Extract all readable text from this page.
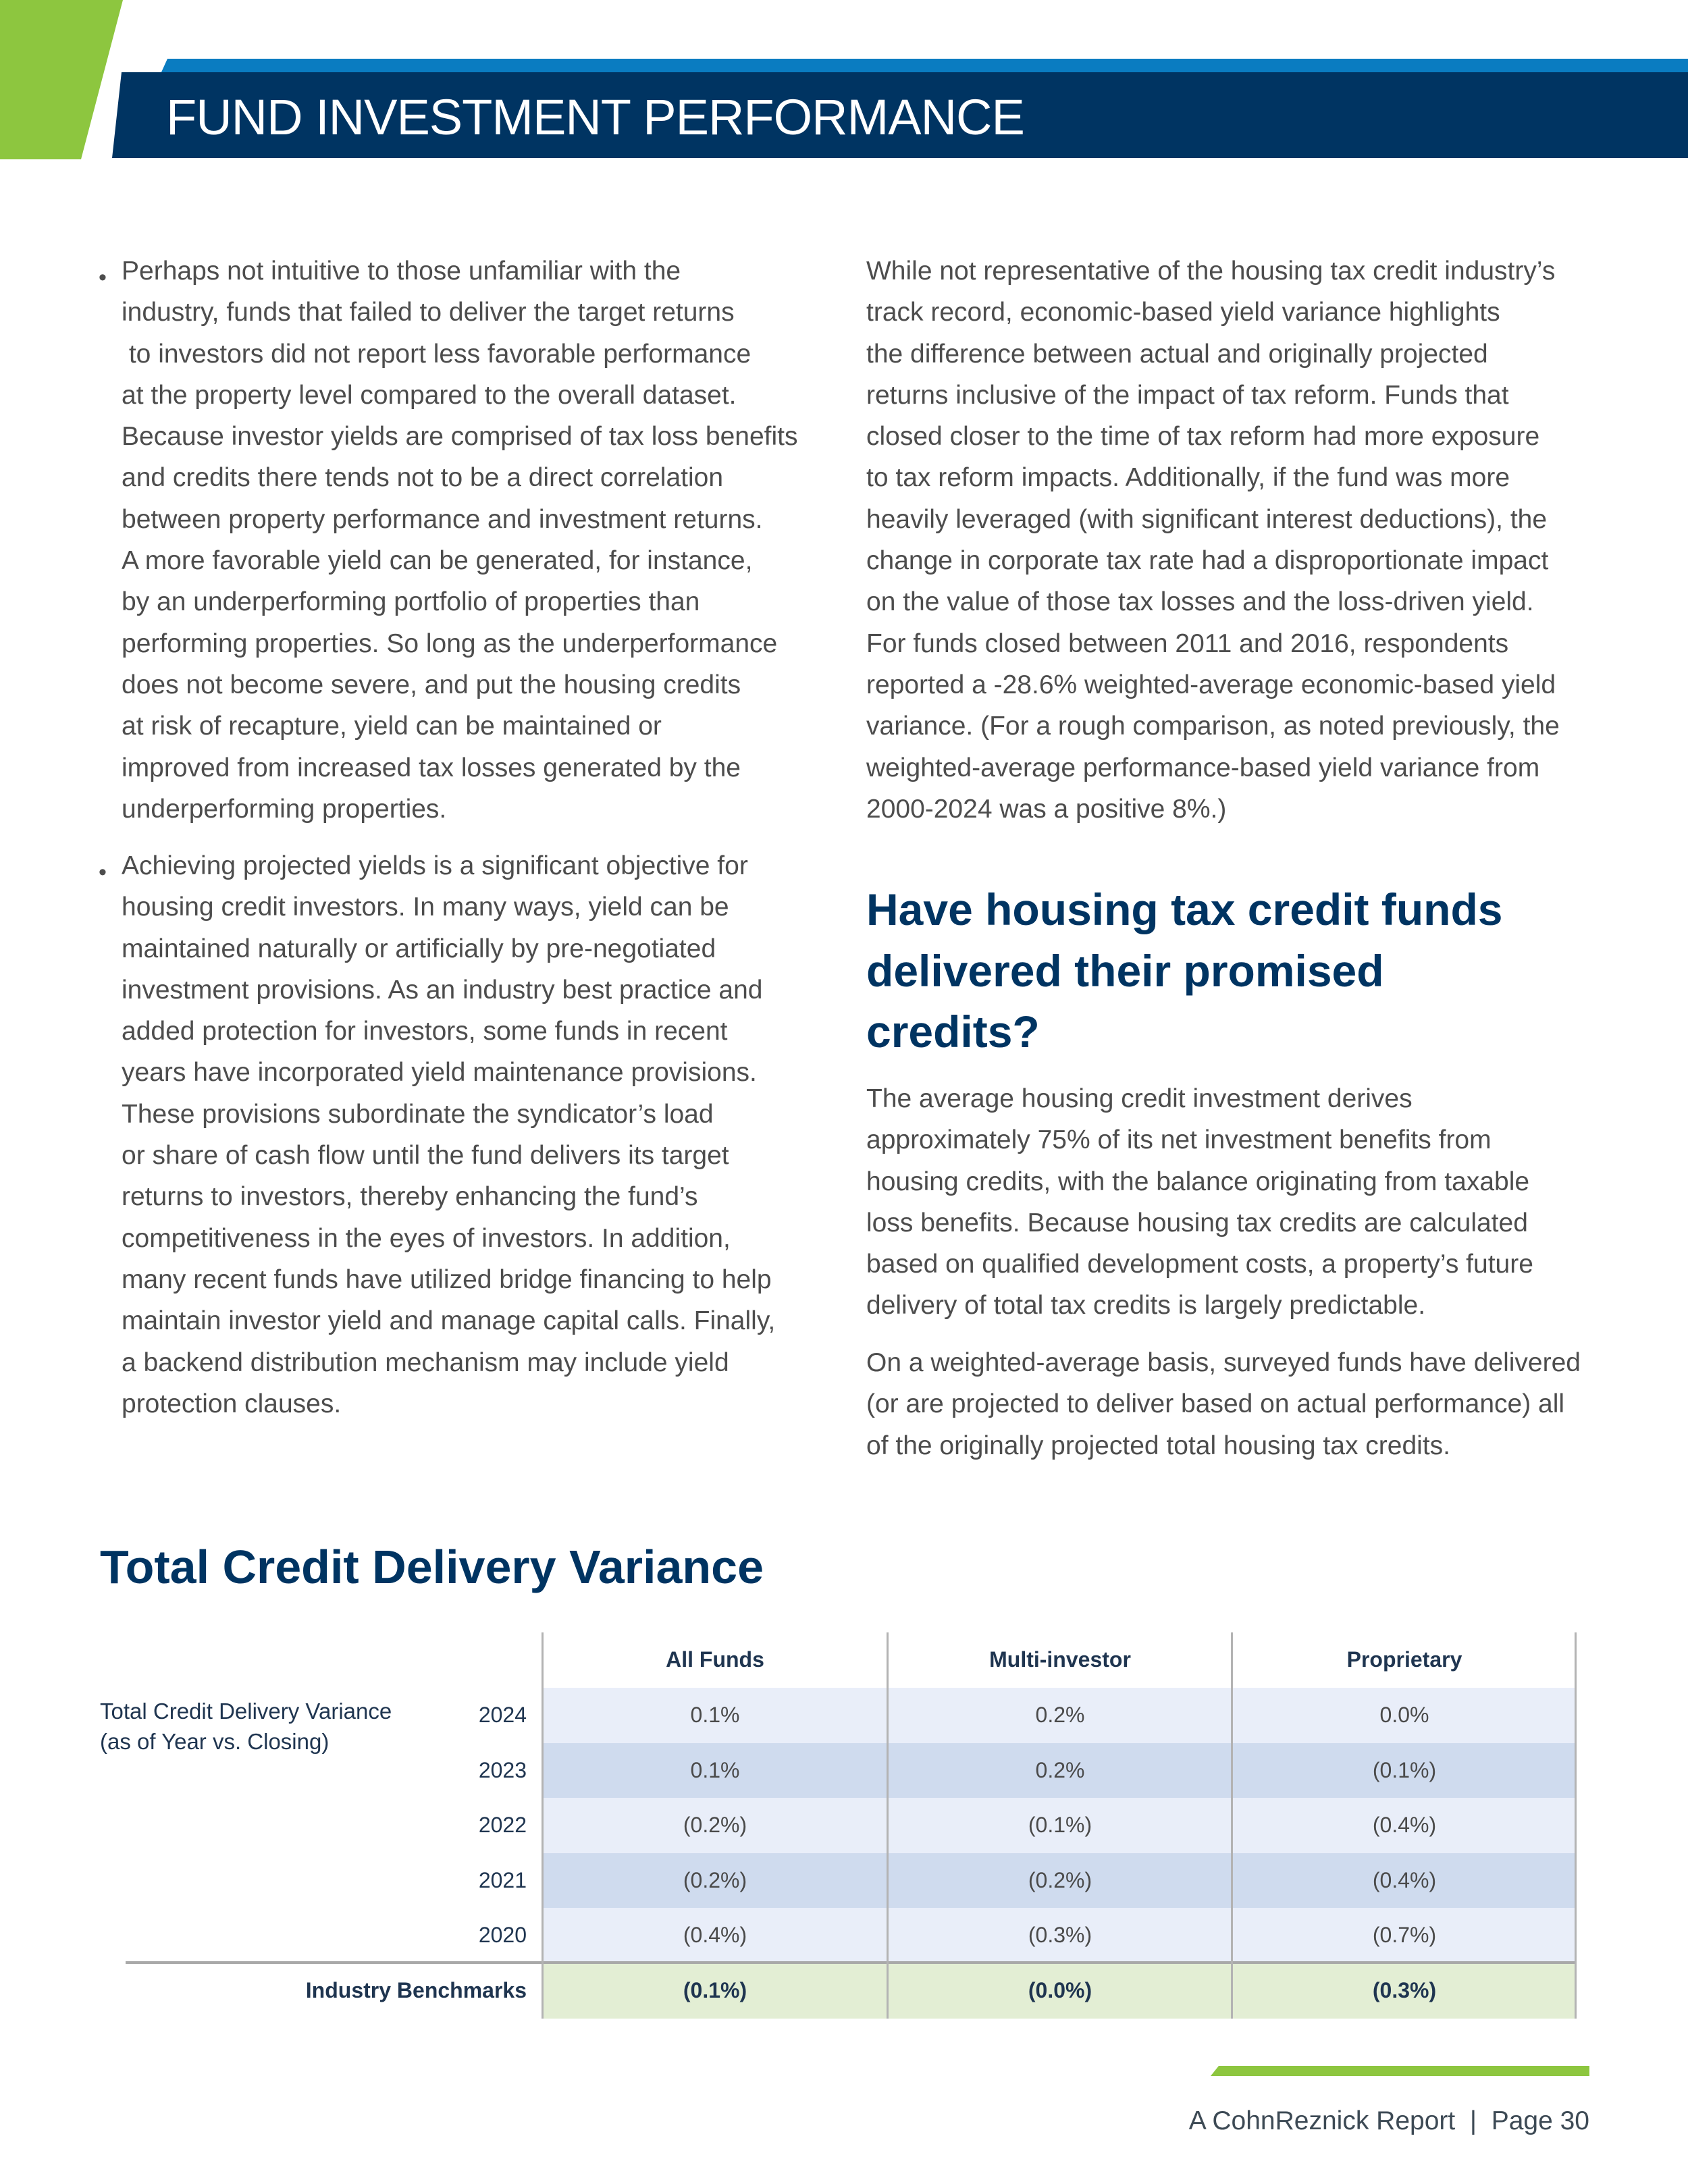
FUND INVESTMENT PERFORMANCE
• Perhaps not intuitive to those unfamiliar with the
industry, funds that failed to deliver the target returns
to investors did not report less favorable performance
at the property level compared to the overall dataset.
Because investor yields are comprised of tax loss benefits
and credits there tends not to be a direct correlation
between property performance and investment returns.
A more favorable yield can be generated, for instance,
by an underperforming portfolio of properties than
performing properties. So long as the underperformance
does not become severe, and put the housing credits
at risk of recapture, yield can be maintained or
improved from increased tax losses generated by the
underperforming properties.
• Achieving projected yields is a significant objective for
housing credit investors. In many ways, yield can be
maintained naturally or artificially by pre-negotiated
investment provisions. As an industry best practice and
added protection for investors, some funds in recent
years have incorporated yield maintenance provisions.
These provisions subordinate the syndicator’s load
or share of cash flow until the fund delivers its target
returns to investors, thereby enhancing the fund’s
competitiveness in the eyes of investors. In addition,
many recent funds have utilized bridge financing to help
maintain investor yield and manage capital calls. Finally,
a backend distribution mechanism may include yield
protection clauses.
While not representative of the housing tax credit industry’s
track record, economic-based yield variance highlights
the difference between actual and originally projected
returns inclusive of the impact of tax reform. Funds that
closed closer to the time of tax reform had more exposure
to tax reform impacts. Additionally, if the fund was more
heavily leveraged (with significant interest deductions), the
change in corporate tax rate had a disproportionate impact
on the value of those tax losses and the loss-driven yield.
For funds closed between 2011 and 2016, respondents
reported a -28.6% weighted-average economic-based yield
variance. (For a rough comparison, as noted previously, the
weighted-average performance-based yield variance from
2000-2024 was a positive 8%.)
Have housing tax credit funds
delivered their promised
credits?
The average housing credit investment derives
approximately 75% of its net investment benefits from
housing credits, with the balance originating from taxable
loss benefits. Because housing tax credits are calculated
based on qualified development costs, a property’s future
delivery of total tax credits is largely predictable.
On a weighted-average basis, surveyed funds have delivered
(or are projected to deliver based on actual performance) all
of the originally projected total housing tax credits.
Total Credit Delivery Variance
Total Credit Delivery Variance
(as of Year vs. Closing)
All Funds	Multi-investor	Proprietary
2024	0.1%	0.2%	0.0%
2023	0.1%	0.2%	(0.1%)
2022	(0.2%)	(0.1%)	(0.4%)
2021	(0.2%)	(0.2%)	(0.4%)
2020	(0.4%)	(0.3%)	(0.7%)
Industry Benchmarks	(0.1%)	(0.0%)	(0.3%)
A CohnReznick Report  |  Page 30
